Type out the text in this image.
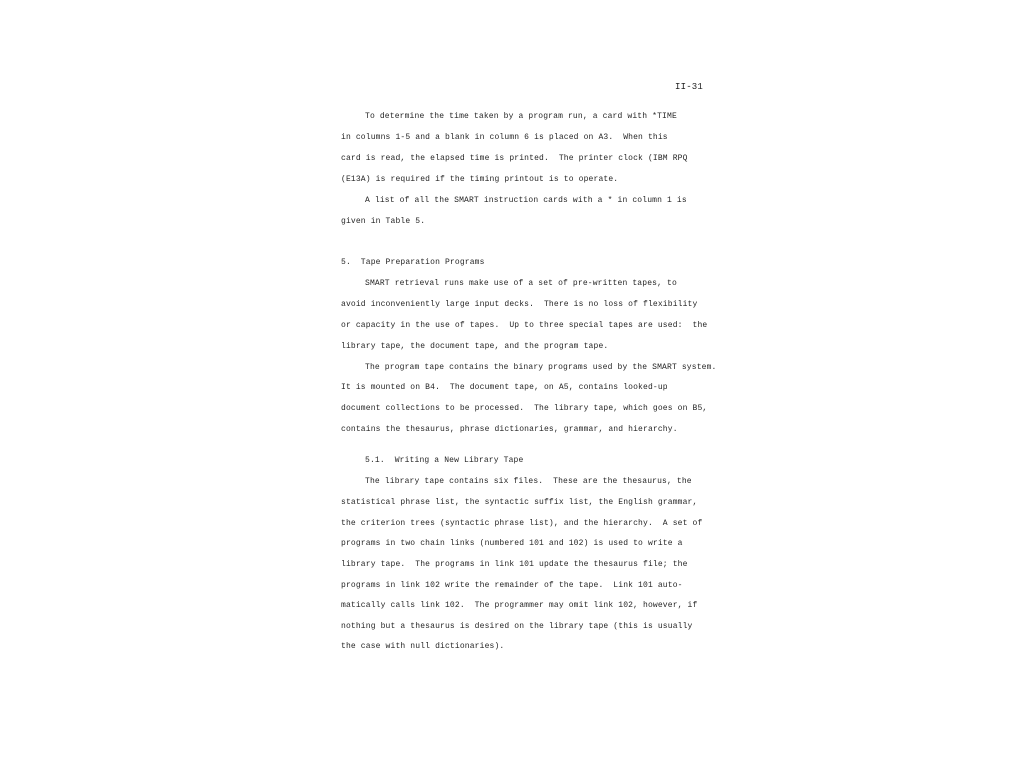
II-31
To determine the time taken by a program run, a card with *TIME
in columns 1-5 and a blank in column 6 is placed on A3.  When this
card is read, the elapsed time is printed.  The printer clock (IBM RPQ
(E13A) is required if the timing printout is to operate.
A list of all the SMART instruction cards with a * in column 1 is
given in Table 5.
5.  Tape Preparation Programs
SMART retrieval runs make use of a set of pre-written tapes, to
avoid inconveniently large input decks.  There is no loss of flexibility
or capacity in the use of tapes.  Up to three special tapes are used:  the
library tape, the document tape, and the program tape.
The program tape contains the binary programs used by the SMART system.
It is mounted on B4.  The document tape, on A5, contains looked-up
document collections to be processed.  The library tape, which goes on B5,
contains the thesaurus, phrase dictionaries, grammar, and hierarchy.
5.1.  Writing a New Library Tape
The library tape contains six files.  These are the thesaurus, the
statistical phrase list, the syntactic suffix list, the English grammar,
the criterion trees (syntactic phrase list), and the hierarchy.  A set of
programs in two chain links (numbered 101 and 102) is used to write a
library tape.  The programs in link 101 update the thesaurus file; the
programs in link 102 write the remainder of the tape.  Link 101 auto-
matically calls link 102.  The programmer may omit link 102, however, if
nothing but a thesaurus is desired on the library tape (this is usually
the case with null dictionaries).
